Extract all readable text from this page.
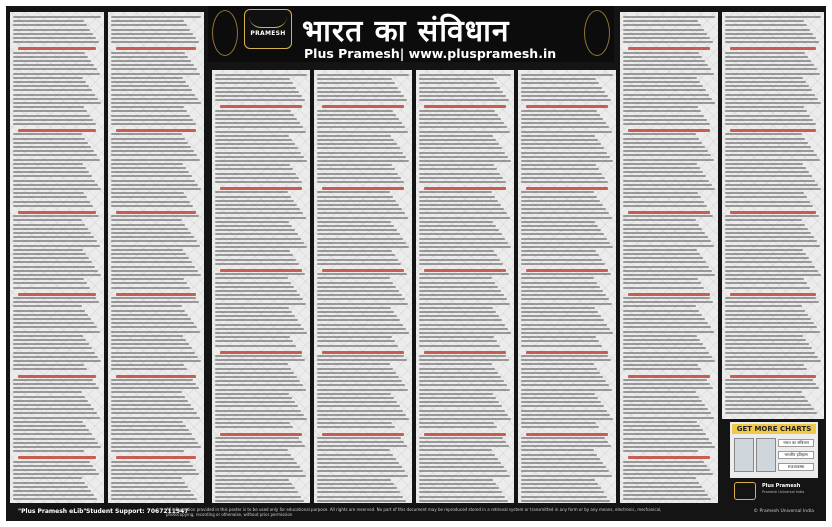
PRAMESH भारत का संविधान
Plus Pramesh| www.pluspramesh.in
GET MORE CHARTS
भारत का संविधान
भारतीय इतिहास
राजव्यवस्था
Plus Pramesh
Pramesh Universal India
"Plus Pramesh eLib" Student Support: 7067211947
All information provided in this poster is to be used only for educational purpose. All rights are reserved. No part of this document may be reproduced stored in a retrieval system or transmitted in any form or by any means, electronic, mechanical, photocopying, recording or otherwise, without prior permission
© Pramesh Universal India
